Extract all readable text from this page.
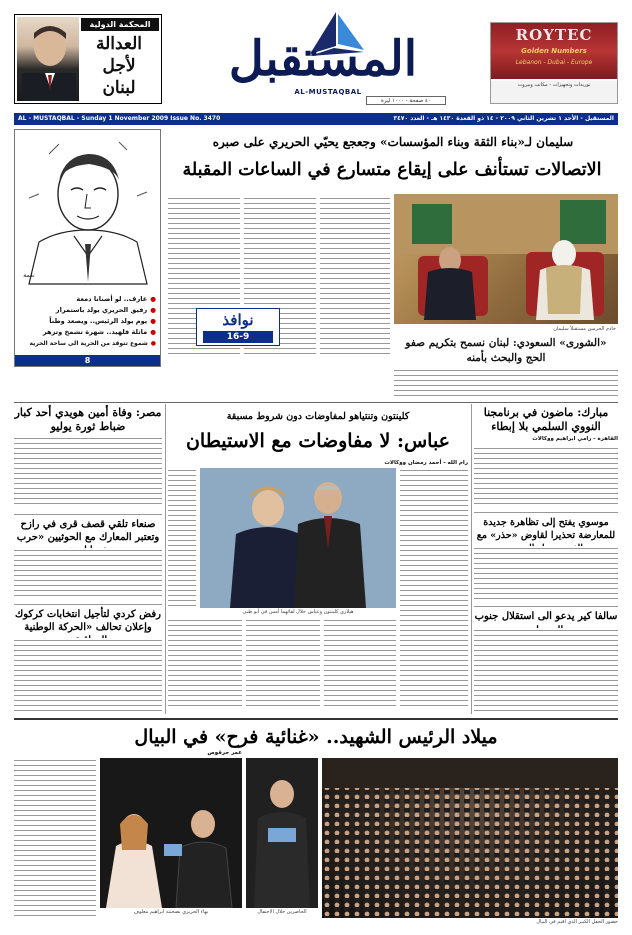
المحكمة الدولية
العدالة
لأجل
لبنان
المستقبل
AL-MUSTAQBAL
٤٠ صفحة - ١٠٠٠ ليرة
ROYTEC
Golden Numbers
Lebanon - Dubai - Europe
توريدات وتجهيزات - مكاتب وبيروت
AL - MUSTAQBAL - Sunday 1 November 2009 Issue No. 3470	المستقبل - الأحد ١ تشرين الثاني ٢٠٠٩ - ١٤ ذو القعدة ١٤٣٠ هـ - العدد ٣٤٧٠
نعمة
●عارف.. لو أضنانا دمعة
●رفيق الحريري يولد باستمرار
●يوم يولد الرئيس.. ويصعد وطناً
●ماثلة فلهيد.. شهرة تشمخ وتزهر
●شموع تتوقد من الحرية الى ساحة الحرية
8
سليمان لـ«بناء الثقة وبناء المؤسسات» وجعجع يحيّي الحريري على صبره
الاتصالات تستأنف على إيقاع متسارع في الساعات المقبلة
خادم الحرمين مستقبلاً سليمان
نوافذ
16-9	«الشورى» السعودي: لبنان نسمح بتكريم صفو الحج والبحث بأمنه
مصر: وفاة أمين هويدي أحد كبار ضباط ثورة يوليو
صنعاء تلقي قصف قرى في رازح وتعتبر المعارك مع الحوثيين «حرب
رفض كردي لتأجيل انتخابات كركوك وإعلان تحالف «الحركة الوطنية
كلينتون وتنتياهو لمفاوضات دون شروط مسبقة
عباس: لا مفاوضات مع الاستيطان
رام الله - أحمد رمضان ووكالات
هيلاري كلينتون وعباس خلال لقائهما أمس في أبو ظبي
مبارك: ماضون في برنامجنا النووي السلمي بلا إبطاء
القاهرة - رامي ابراهيم ووكالات
موسوي يفتح إلى تظاهرة جديدة للمعارضة تحذيرا لقاوض «حذر» مع
سالفا كير يدعو الى استقلال جنوب
ميلاد الرئيس الشهيد.. «غنائية فرح» في البيال
بهاء الحريري بصحبته ابراهيم معلوف	الحاضرين خلال الاحتفال
عمر حرقوص
حضور الحفل الكبير الذي اقيم في البيال
